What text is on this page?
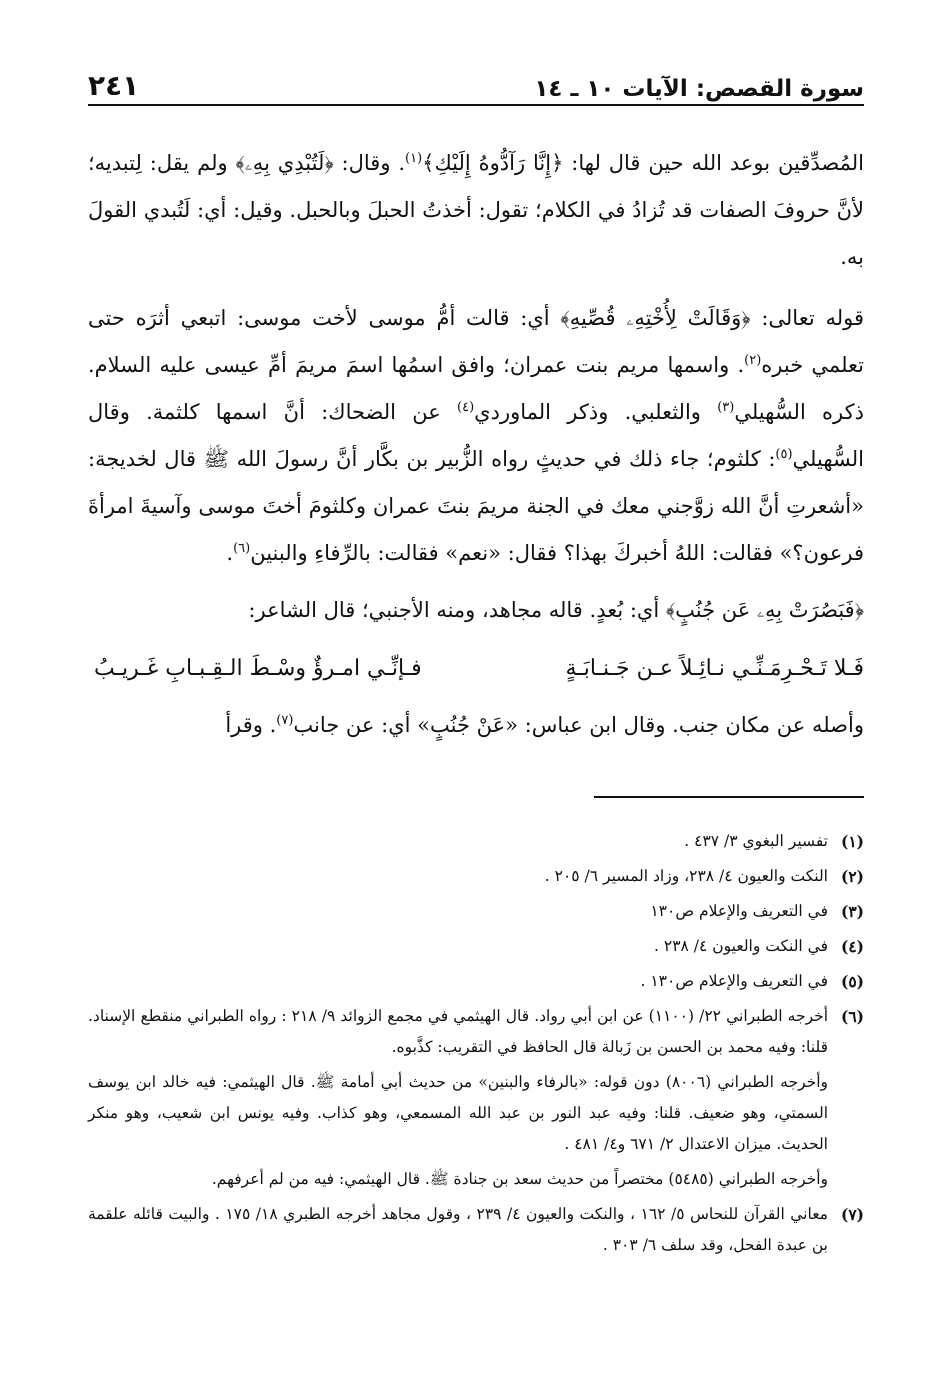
سورة القصص: الآيات ١٠ ـ ١٤
٢٤١

المُصدِّقين بوعد الله حين قال لها: ﴿إِنَّا رَآدُّوهُ إِلَيْكِ﴾$^{(١)}$. وقال: ﴿لَتُبْدِي بِهِۦ﴾ ولم يقل: لِتبديه؛ لأنَّ حروفَ الصفات قد تُزادُ في الكلام؛ تقول: أخذتُ الحبلَ وبالحبل. وقيل: أي: لَتُبدي القولَ به.

قوله تعالى: ﴿وَقَالَتْ لِأُخْتِهِۦ قُصِّيهِ﴾ أي: قالت أمُّ موسى لأخت موسى: اتبعي أثرَه حتى تعلمي خبره$^{(٢)}$. واسمها مريم بنت عمران؛ وافق اسمُها اسمَ مريمَ أمِّ عيسى عليه السلام. ذكره السُّهيلي$^{(٣)}$ والثعلبي. وذكر الماوردي$^{(٤)}$ عن الضحاك: أنَّ اسمها كلثمة. وقال السُّهيلي$^{(٥)}$: كلثوم؛ جاء ذلك في حديثٍ رواه الزُّبير بن بكَّار أنَّ رسولَ الله ﷺ قال لخديجة: «أشعرتِ أنَّ الله زوَّجني معك في الجنة مريمَ بنتَ عمران وكلثومَ أختَ موسى وآسيةَ امرأةَ فرعون؟» فقالت: اللهُ أخبركَ بهذا؟ فقال: «نعم» فقالت: بالرِّفاءِ والبنين$^{(٦)}$.

﴿فَبَصُرَتْ بِهِۦ عَن جُنُبٍ﴾ أي: بُعدٍ. قاله مجاهد، ومنه الأجنبي؛ قال الشاعر:

فَـلا تَـحْـرِمَـنِّـي نـائِـلاً عـن جَـنـابَـةٍ
فـإنِّـي امـرؤٌ وسْـطَ الـقِـبـابِ غَـريـبُ

وأصله عن مكان جنب. وقال ابن عباس: «عَنْ جُنُبٍ» أي: عن جانب$^{(٧)}$. وقرأ

(١)

تفسير البغوي ٣/ ٤٣٧ .

(٢)

النكت والعيون ٤/ ٢٣٨، وزاد المسير ٦/ ٢٠٥ .

(٣)

في التعريف والإعلام ص١٣٠

(٤)

في النكت والعيون ٤/ ٢٣٨ .

(٥)

في التعريف والإعلام ص١٣٠ .

(٦)

أخرجه الطبراني ٢٢/ (١١٠٠) عن ابن أبي رواد. قال الهيثمي في مجمع الزوائد ٩/ ٢١٨ : رواه الطبراني منقطع الإسناد. قلنا: وفيه محمد بن الحسن بن زَبالة قال الحافظ في التقريب: كذَّبوه.

وأخرجه الطبراني (٨٠٠٦) دون قوله: «بالرفاء والبنين» من حديث أبي أمامة ﷺ. قال الهيثمي: فيه خالد ابن يوسف السمتي، وهو ضعيف. قلنا: وفيه عبد النور بن عبد الله المسمعي، وهو كذاب. وفيه يونس ابن شعيب، وهو منكر الحديث. ميزان الاعتدال ٢/ ٦٧١ و٤/ ٤٨١ .

وأخرجه الطبراني (٥٤٨٥) مختصراً من حديث سعد بن جنادة ﷺ. قال الهيثمي: فيه من لم أعرفهم.

(٧)

معاني القرآن للنحاس ٥/ ١٦٢ ، والنكت والعيون ٤/ ٢٣٩ ، وقول مجاهد أخرجه الطبري ١٨/ ١٧٥ . والبيت قائله علقمة بن عبدة الفحل، وقد سلف ٦/ ٣٠٣ .
